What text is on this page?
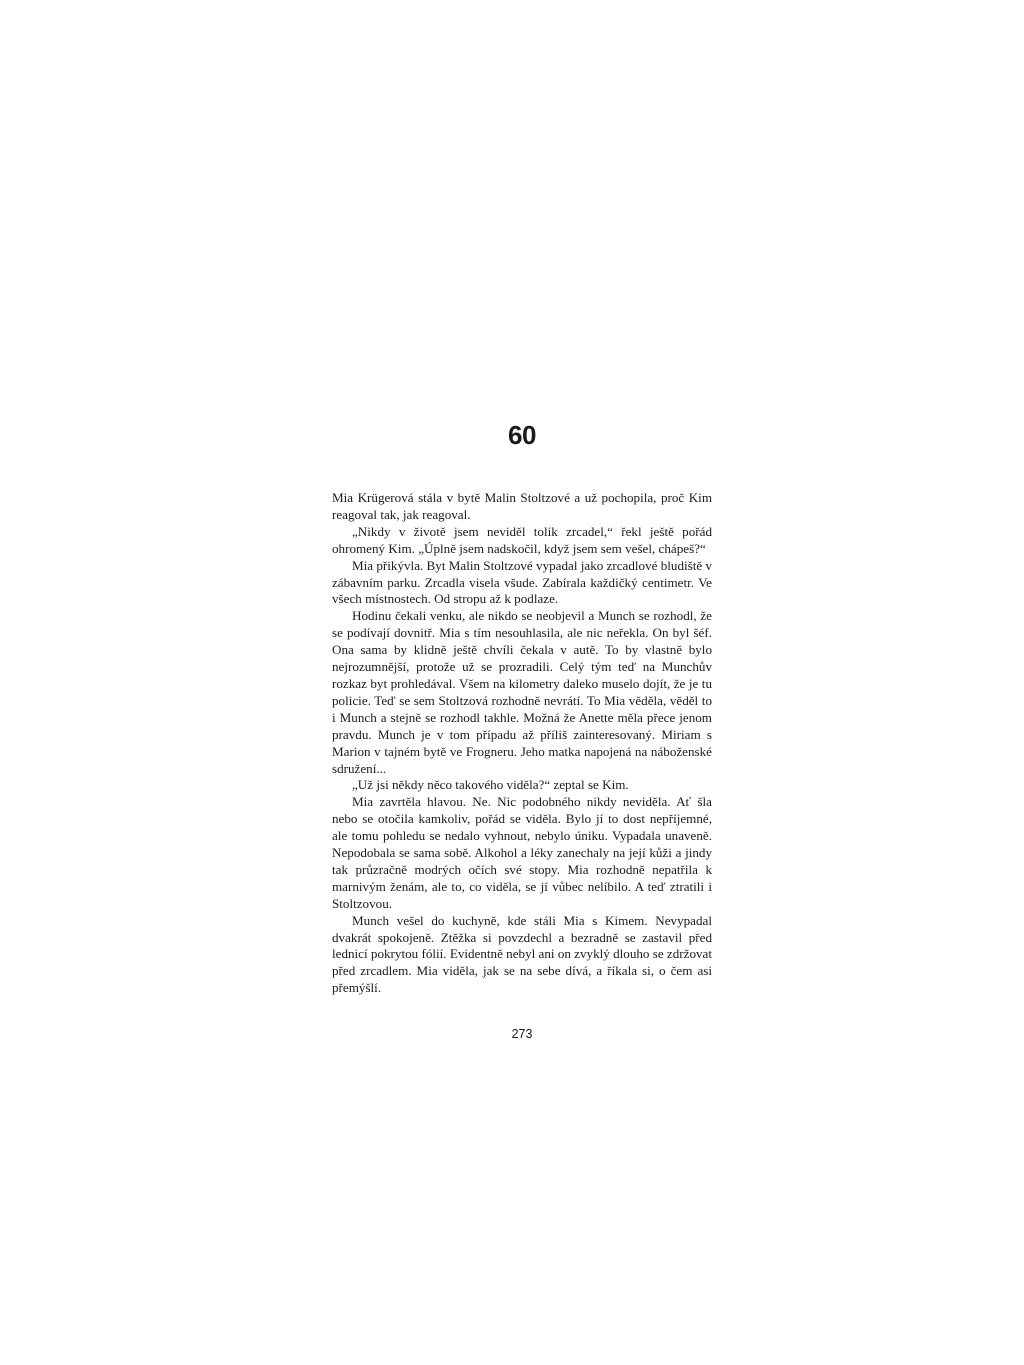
60

Mia Krügerová stála v bytě Malin Stoltzové a už pochopila, proč Kim reagoval tak, jak reagoval.

„Nikdy v životě jsem neviděl tolik zrcadel,“ řekl ještě pořád ohromený Kim. „Úplně jsem nadskočil, když jsem sem vešel, chápeš?“

Mia přikývla. Byt Malin Stoltzové vypadal jako zrcadlové bludiště v zábavním parku. Zrcadla visela všude. Zabírala každičký centimetr. Ve všech místnostech. Od stropu až k podlaze.

Hodinu čekali venku, ale nikdo se neobjevil a Munch se rozhodl, že se podívají dovnitř. Mia s tím nesouhlasila, ale nic neřekla. On byl šéf. Ona sama by klidně ještě chvíli čekala v autě. To by vlastně bylo nejrozumnější, protože už se prozradili. Celý tým teď na Munchův rozkaz byt prohledával. Všem na kilometry daleko muselo dojít, že je tu policie. Teď se sem Stoltzová rozhodně nevrátí. To Mia věděla, věděl to i Munch a stejně se rozhodl takhle. Možná že Anette měla přece jenom pravdu. Munch je v tom případu až příliš zainteresovaný. Miriam s Marion v tajném bytě ve Frogneru. Jeho matka napojená na náboženské sdružení...

„Už jsi někdy něco takového viděla?“ zeptal se Kim.

Mia zavrtěla hlavou. Ne. Nic podobného nikdy neviděla. Ať šla nebo se otočila kamkoliv, pořád se viděla. Bylo jí to dost nepříjemné, ale tomu pohledu se nedalo vyhnout, nebylo úniku. Vypadala unaveně. Nepodobala se sama sobě. Alkohol a léky zanechaly na její kůži a jindy tak průzračně modrých očích své stopy. Mia rozhodně nepatřila k marnivým ženám, ale to, co viděla, se jí vůbec nelíbilo. A teď ztratili i Stoltzovou.

Munch vešel do kuchyně, kde stáli Mia s Kimem. Nevypadal dvakrát spokojeně. Ztěžka si povzdechl a bezradně se zastavil před lednicí pokrytou fólií. Evidentně nebyl ani on zvyklý dlouho se zdržovat před zrcadlem. Mia viděla, jak se na sebe dívá, a říkala si, o čem asi přemýšlí.

273
